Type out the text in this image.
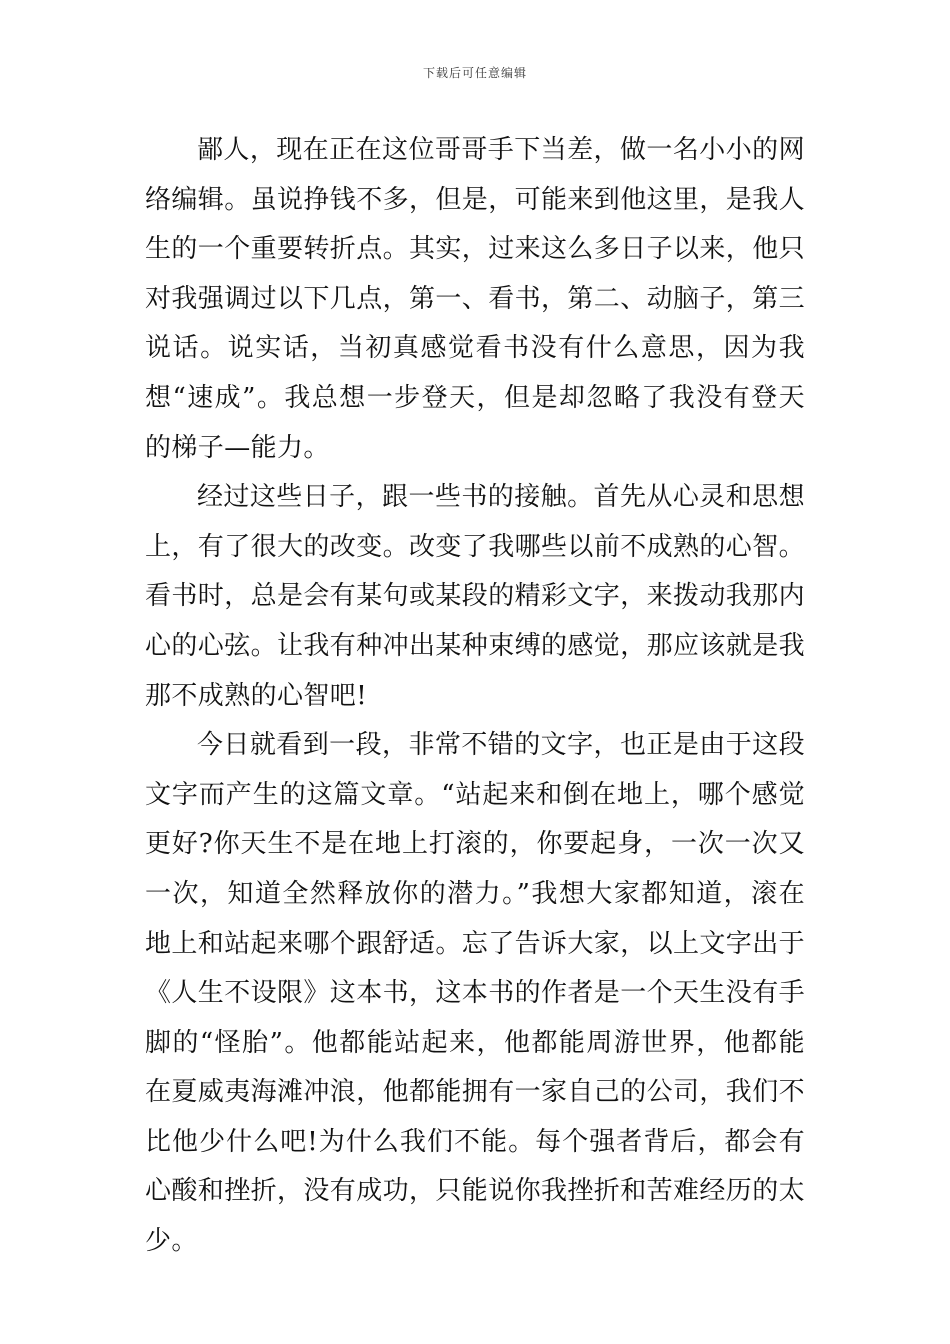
下载后可任意编辑

鄙人，现在正在这位哥哥手下当差，做一名小小的网络编辑。虽说挣钱不多，但是，可能来到他这里，是我人生的一个重要转折点。其实，过来这么多日子以来，他只对我强调过以下几点，第一、看书，第二、动脑子，第三说话。说实话，当初真感觉看书没有什么意思，因为我想“速成”。我总想一步登天，但是却忽略了我没有登天的梯子—能力。

经过这些日子，跟一些书的接触。首先从心灵和思想上，有了很大的改变。改变了我哪些以前不成熟的心智。看书时，总是会有某句或某段的精彩文字，来拨动我那内心的心弦。让我有种冲出某种束缚的感觉，那应该就是我那不成熟的心智吧!

今日就看到一段，非常不错的文字，也正是由于这段文字而产生的这篇文章。“站起来和倒在地上，哪个感觉更好?你天生不是在地上打滚的，你要起身，一次一次又一次，知道全然释放你的潜力。”我想大家都知道，滚在地上和站起来哪个跟舒适。忘了告诉大家，以上文字出于《人生不设限》这本书，这本书的作者是一个天生没有手脚的“怪胎”。他都能站起来，他都能周游世界，他都能在夏威夷海滩冲浪，他都能拥有一家自己的公司，我们不比他少什么吧!为什么我们不能。每个强者背后，都会有心酸和挫折，没有成功，只能说你我挫折和苦难经历的太少。
